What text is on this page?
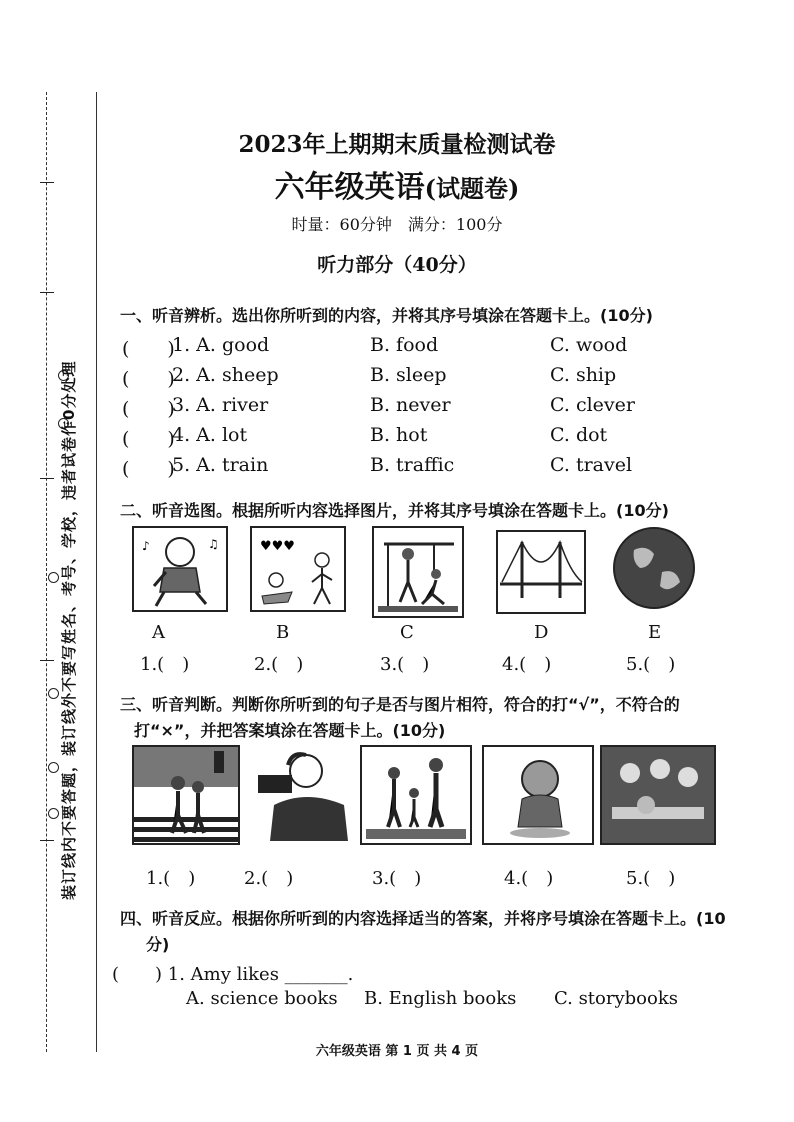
装订线内不要答题，装订线外不要写姓名、考号、学校，违者试卷作0分处理
2023年上期期末质量检测试卷
六年级英语(试题卷)
时量：60分钟　满分：100分
听力部分（40分）
一、听音辨析。选出你所听到的内容，并将其序号填涂在答题卡上。(10分)
(　　)
1. A. good	B. food	C. wood
(　　)
2. A. sheep	B. sleep	C. ship
(　　)
3. A. river	B. never	C. clever
(　　)
4. A. lot	B. hot	C. dot
(　　)
5. A. train	B. traffic	C. travel
二、听音选图。根据所听内容选择图片，并将其序号填涂在答题卡上。(10分)
♪	♫	♥♥♥
A	B	C	D	E
1.(　)	2.(　)	3.(　)	4.(　)	5.(　)
三、听音判断。判断你所听到的句子是否与图片相符，符合的打“√”，不符合的
打“×”，并把答案填涂在答题卡上。(10分)
1.(　)	2.(　)	3.(　)	4.(　)	5.(　)
四、听音反应。根据你所听到的内容选择适当的答案，并将序号填涂在答题卡上。(10
分)
(　　) 1. Amy likes _______.
A. science books B. English books C. storybooks
六年级英语 第 1 页 共 4 页
